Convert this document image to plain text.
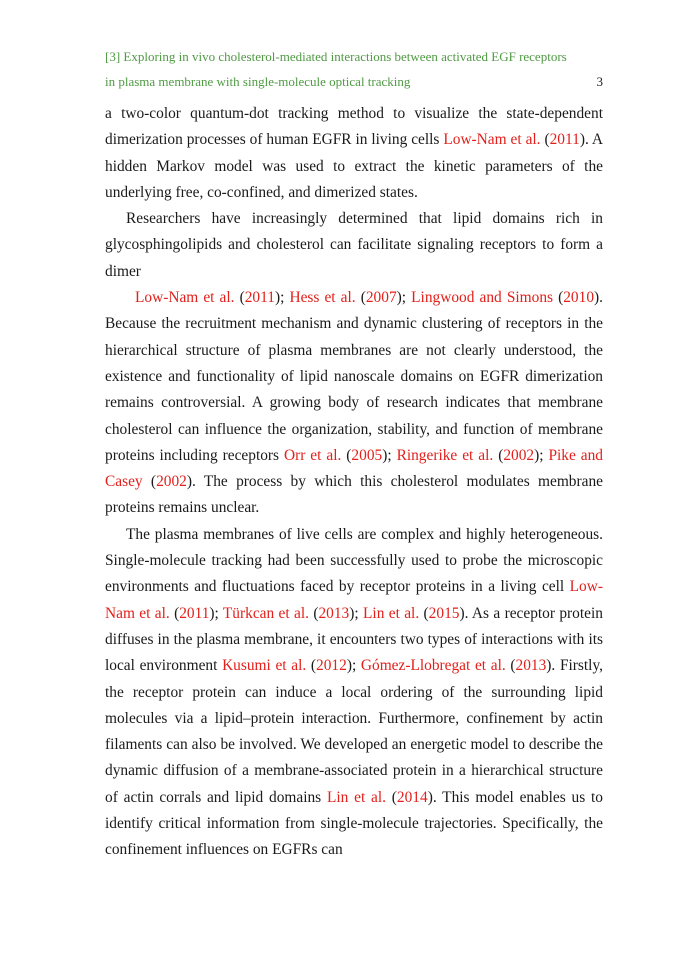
[3] Exploring in vivo cholesterol-mediated interactions between activated EGF receptors
in plasma membrane with single-molecule optical tracking	3

a two-color quantum-dot tracking method to visualize the state-dependent dimerization processes of human EGFR in living cells Low-Nam et al. (2011). A hidden Markov model was used to extract the kinetic parameters of the underlying free, co-confined, and dimerized states.

Researchers have increasingly determined that lipid domains rich in glycosphingolipids and cholesterol can facilitate signaling receptors to form a dimer

Low-Nam et al. (2011); Hess et al. (2007); Lingwood and Simons (2010). Because the recruitment mechanism and dynamic clustering of receptors in the hierarchical structure of plasma membranes are not clearly understood, the existence and functionality of lipid nanoscale domains on EGFR dimerization remains controversial. A growing body of research indicates that membrane cholesterol can influence the organization, stability, and function of membrane proteins including receptors Orr et al. (2005); Ringerike et al. (2002); Pike and Casey (2002). The process by which this cholesterol modulates membrane proteins remains unclear.

The plasma membranes of live cells are complex and highly heterogeneous. Single-molecule tracking had been successfully used to probe the microscopic environments and fluctuations faced by receptor proteins in a living cell Low-Nam et al. (2011); Türkcan et al. (2013); Lin et al. (2015). As a receptor protein diffuses in the plasma membrane, it encounters two types of interactions with its local environment Kusumi et al. (2012); Gómez-Llobregat et al. (2013). Firstly, the receptor protein can induce a local ordering of the surrounding lipid molecules via a lipid–protein interaction. Furthermore, confinement by actin filaments can also be involved. We developed an energetic model to describe the dynamic diffusion of a membrane-associated protein in a hierarchical structure of actin corrals and lipid domains Lin et al. (2014). This model enables us to identify critical information from single-molecule trajectories. Specifically, the confinement influences on EGFRs can
